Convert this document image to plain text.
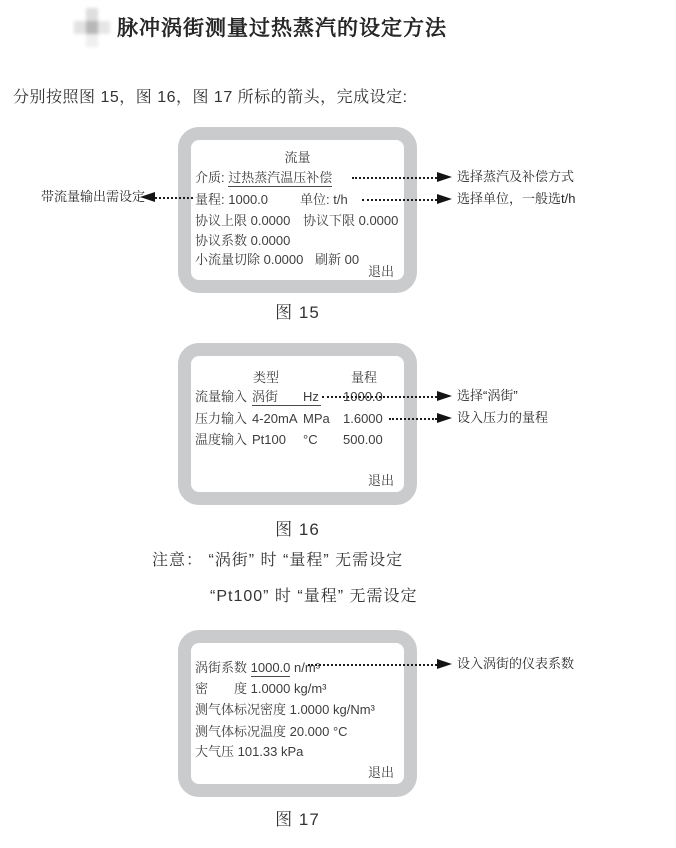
脉冲涡街测量过热蒸汽的设定方法
分别按照图 15，图 16，图 17 所标的箭头，完成设定:
流量
介质: 过热蒸汽温压补偿
量程: 1000.0 单位: t/h
协议上限 0.0000 协议下限 0.0000
协议系数 0.0000
小流量切除 0.0000 刷新 00
退出
图 15
带流量输出需设定
选择蒸汽及补偿方式
选择单位，一般选t/h
类型	量程
流量输入 涡街 Hz 1000.0
压力输入 4-20mA MPa 1.6000
温度输入 Pt100 °C 500.00
退出
图 16
选择“涡街”
设入压力的量程
注意： “涡街” 时 “量程” 无需设定
“Pt100” 时 “量程” 无需设定
涡街系数 1000.0 n/m³
密　　度 1.0000 kg/m³
测气体标况密度 1.0000 kg/Nm³
测气体标况温度 20.000 °C
大气压 101.33 kPa
退出
图 17
设入涡街的仪表系数
